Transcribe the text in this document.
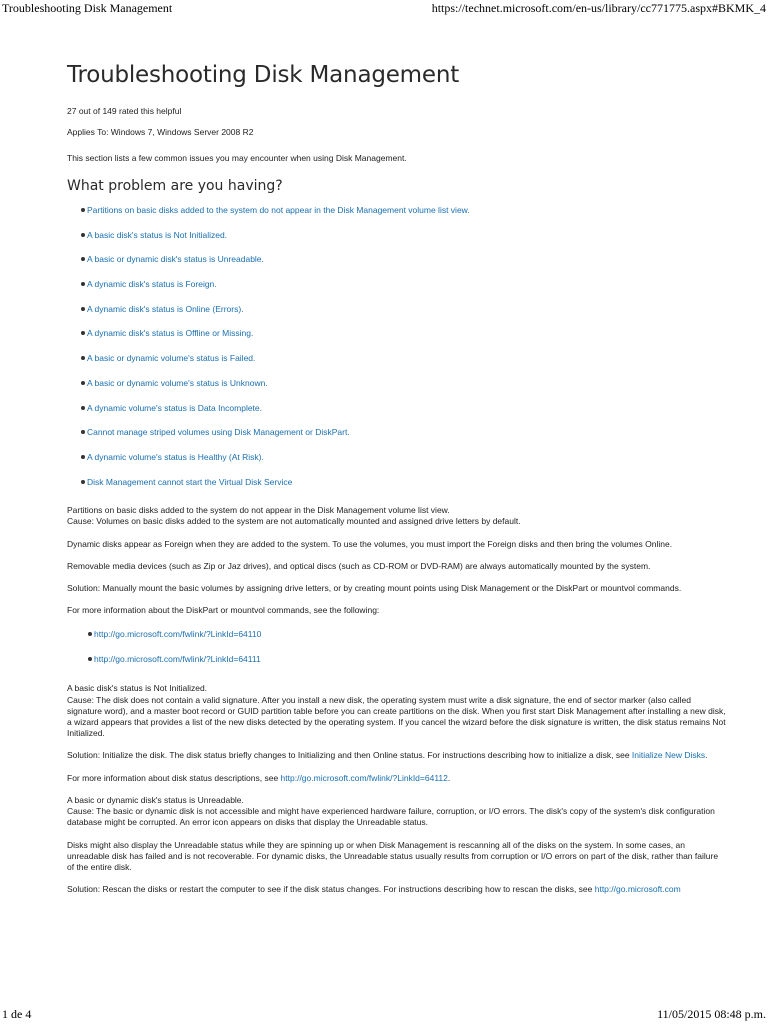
Troubleshooting Disk Management	https://technet.microsoft.com/en-us/library/cc771775.aspx#BKMK_4
Troubleshooting Disk Management

27 out of 149 rated this helpful

Applies To: Windows 7, Windows Server 2008 R2

This section lists a few common issues you may encounter when using Disk Management.

What problem are you having?
Partitions on basic disks added to the system do not appear in the Disk Management volume list view.
A basic disk's status is Not Initialized.
A basic or dynamic disk's status is Unreadable.
A dynamic disk's status is Foreign.
A dynamic disk's status is Online (Errors).
A dynamic disk's status is Offline or Missing.
A basic or dynamic volume's status is Failed.
A basic or dynamic volume's status is Unknown.
A dynamic volume's status is Data Incomplete.
Cannot manage striped volumes using Disk Management or DiskPart.
A dynamic volume's status is Healthy (At Risk).
Disk Management cannot start the Virtual Disk Service

Partitions on basic disks added to the system do not appear in the Disk Management volume list view.

Cause: Volumes on basic disks added to the system are not automatically mounted and assigned drive letters by default.

Dynamic disks appear as Foreign when they are added to the system. To use the volumes, you must import the Foreign disks and then bring the volumes Online.

Removable media devices (such as Zip or Jaz drives), and optical discs (such as CD-ROM or DVD-RAM) are always automatically mounted by the system.

Solution: Manually mount the basic volumes by assigning drive letters, or by creating mount points using Disk Management or the DiskPart or mountvol commands.

For more information about the DiskPart or mountvol commands, see the following:

http://go.microsoft.com/fwlink/?LinkId=64110
http://go.microsoft.com/fwlink/?LinkId=64111

A basic disk's status is Not Initialized.

Cause: The disk does not contain a valid signature. After you install a new disk, the operating system must write a disk signature, the end of sector marker (also called signature word), and a master boot record or GUID partition table before you can create partitions on the disk. When you first start Disk Management after installing a new disk, a wizard appears that provides a list of the new disks detected by the operating system. If you cancel the wizard before the disk signature is written, the disk status remains Not Initialized.

Solution: Initialize the disk. The disk status briefly changes to Initializing and then Online status. For instructions describing how to initialize a disk, see Initialize New Disks.

For more information about disk status descriptions, see http://go.microsoft.com/fwlink/?LinkId=64112.

A basic or dynamic disk's status is Unreadable.

Cause: The basic or dynamic disk is not accessible and might have experienced hardware failure, corruption, or I/O errors. The disk's copy of the system's disk configuration database might be corrupted. An error icon appears on disks that display the Unreadable status.

Disks might also display the Unreadable status while they are spinning up or when Disk Management is rescanning all of the disks on the system. In some cases, an unreadable disk has failed and is not recoverable. For dynamic disks, the Unreadable status usually results from corruption or I/O errors on part of the disk, rather than failure of the entire disk.

Solution: Rescan the disks or restart the computer to see if the disk status changes. For instructions describing how to rescan the disks, see http://go.microsoft.com

1 de 4	11/05/2015 08:48 p.m.
